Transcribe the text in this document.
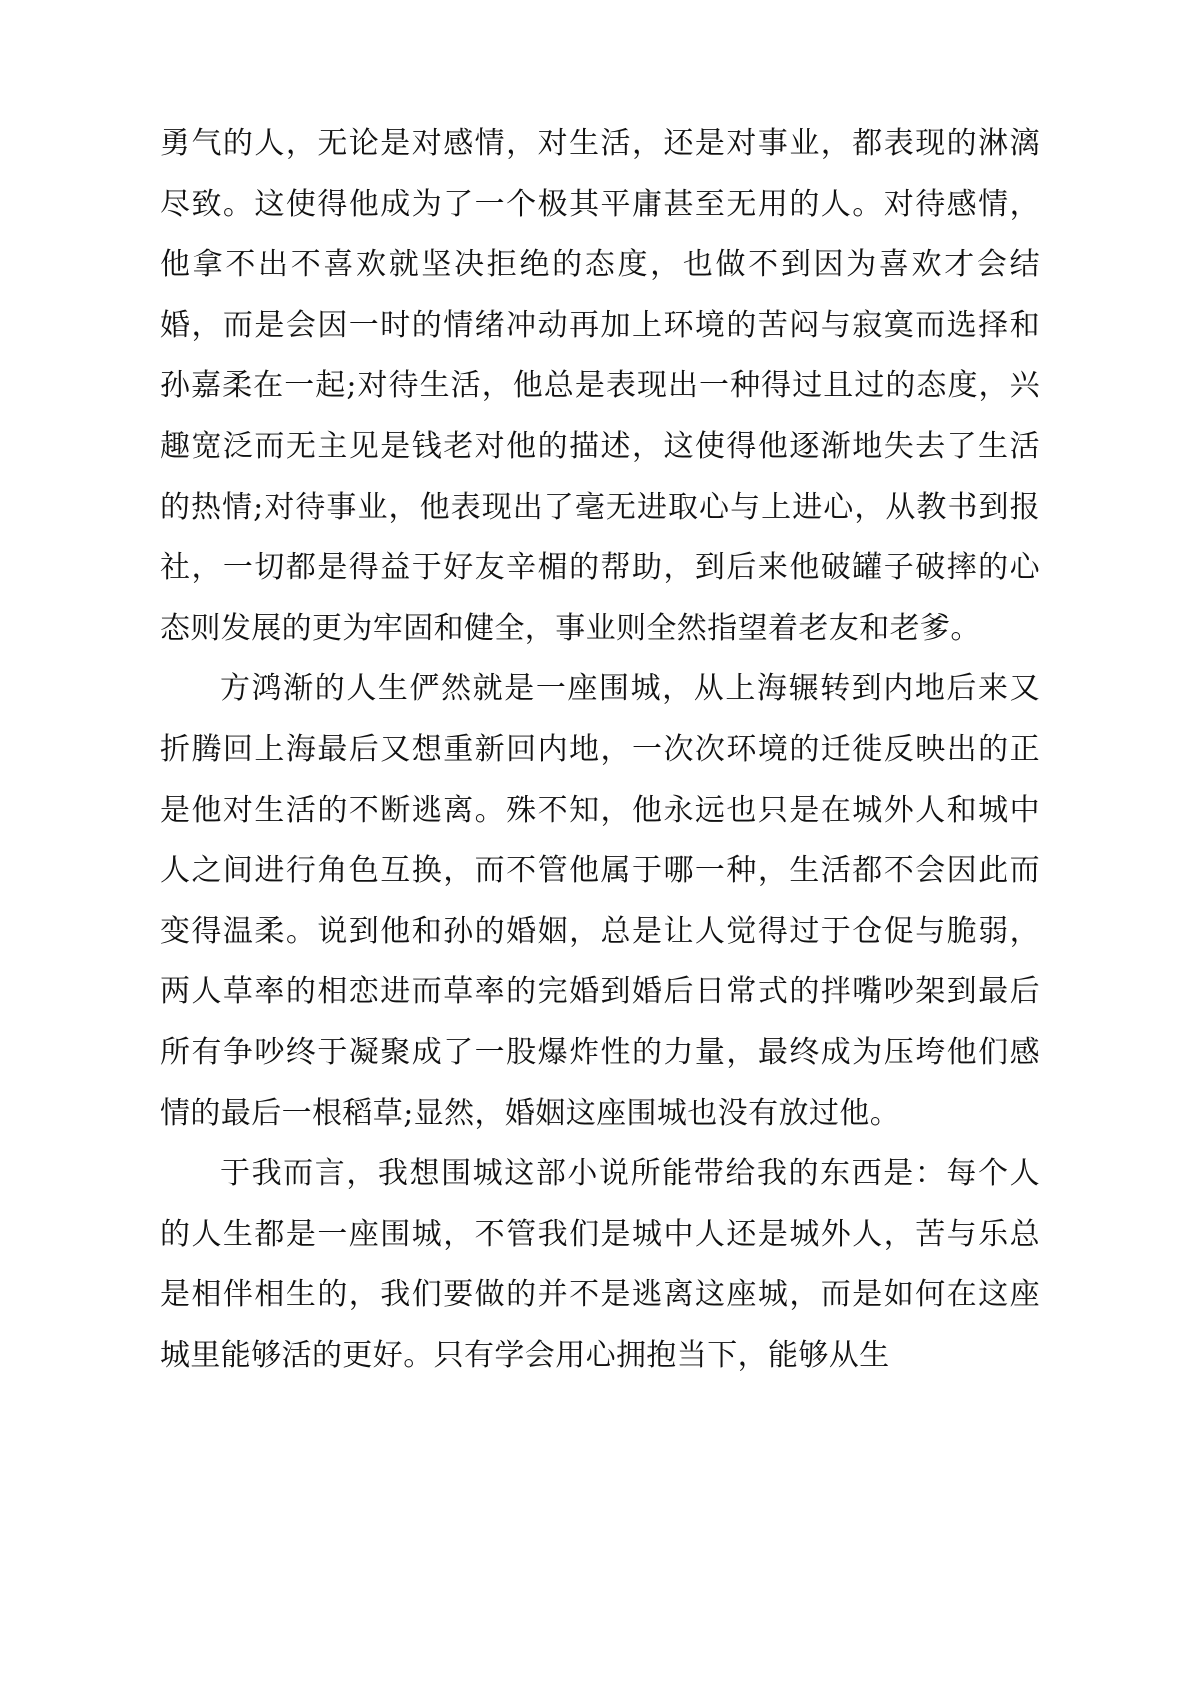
勇气的人，无论是对感情，对生活，还是对事业，都表现的淋漓尽致。这使得他成为了一个极其平庸甚至无用的人。对待感情，他拿不出不喜欢就坚决拒绝的态度，也做不到因为喜欢才会结婚，而是会因一时的情绪冲动再加上环境的苦闷与寂寞而选择和孙嘉柔在一起;对待生活，他总是表现出一种得过且过的态度，兴趣宽泛而无主见是钱老对他的描述，这使得他逐渐地失去了生活的热情;对待事业，他表现出了毫无进取心与上进心，从教书到报社，一切都是得益于好友辛楣的帮助，到后来他破罐子破摔的心态则发展的更为牢固和健全，事业则全然指望着老友和老爹。

方鸿渐的人生俨然就是一座围城，从上海辗转到内地后来又折腾回上海最后又想重新回内地，一次次环境的迁徙反映出的正是他对生活的不断逃离。殊不知，他永远也只是在城外人和城中人之间进行角色互换，而不管他属于哪一种，生活都不会因此而变得温柔。说到他和孙的婚姻，总是让人觉得过于仓促与脆弱，两人草率的相恋进而草率的完婚到婚后日常式的拌嘴吵架到最后所有争吵终于凝聚成了一股爆炸性的力量，最终成为压垮他们感情的最后一根稻草;显然，婚姻这座围城也没有放过他。

于我而言，我想围城这部小说所能带给我的东西是：每个人的人生都是一座围城，不管我们是城中人还是城外人，苦与乐总是相伴相生的，我们要做的并不是逃离这座城，而是如何在这座城里能够活的更好。只有学会用心拥抱当下，能够从生
